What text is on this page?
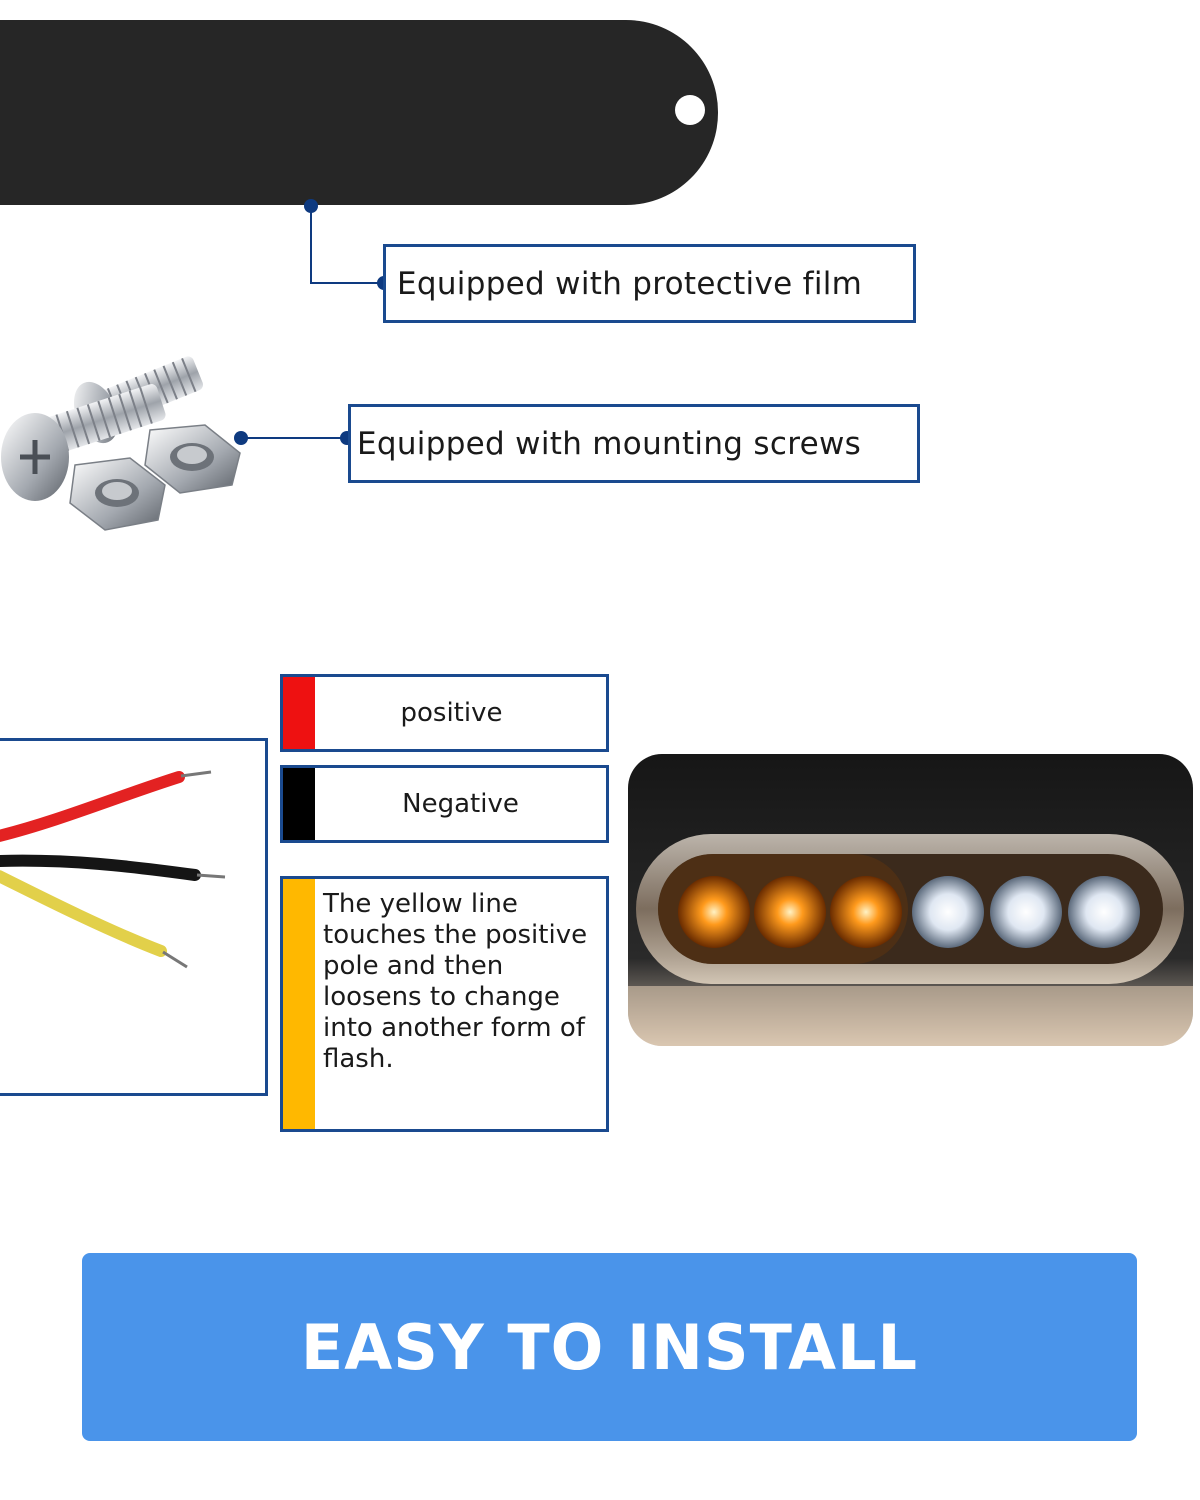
Equipped with protective film
Equipped with mounting screws
positive
Negative
The yellow line touches the positive pole and then loosens to change into another form of flash.
EASY TO INSTALL
